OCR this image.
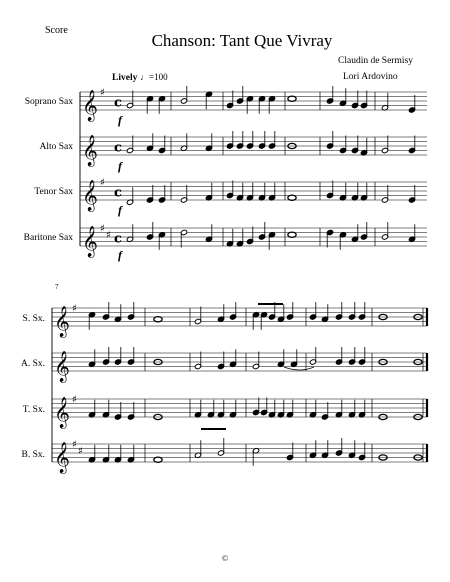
Score
Chanson: Tant Que Vivray
Claudin de Sermisy
Lori Ardovino
Lively ♩=100
Soprano Sax
Alto Sax
Tenor Sax
Baritone Sax
f
f
f
f
S. Sx.
A. Sx.
T. Sx.
B. Sx.
7
©
𝄞 ♯
c
𝄞 c
𝄞 ♯
c
𝄞 ♯
♯ c
𝄞 ♯
𝄞
𝄞 ♯
𝄞 ♯
♯
